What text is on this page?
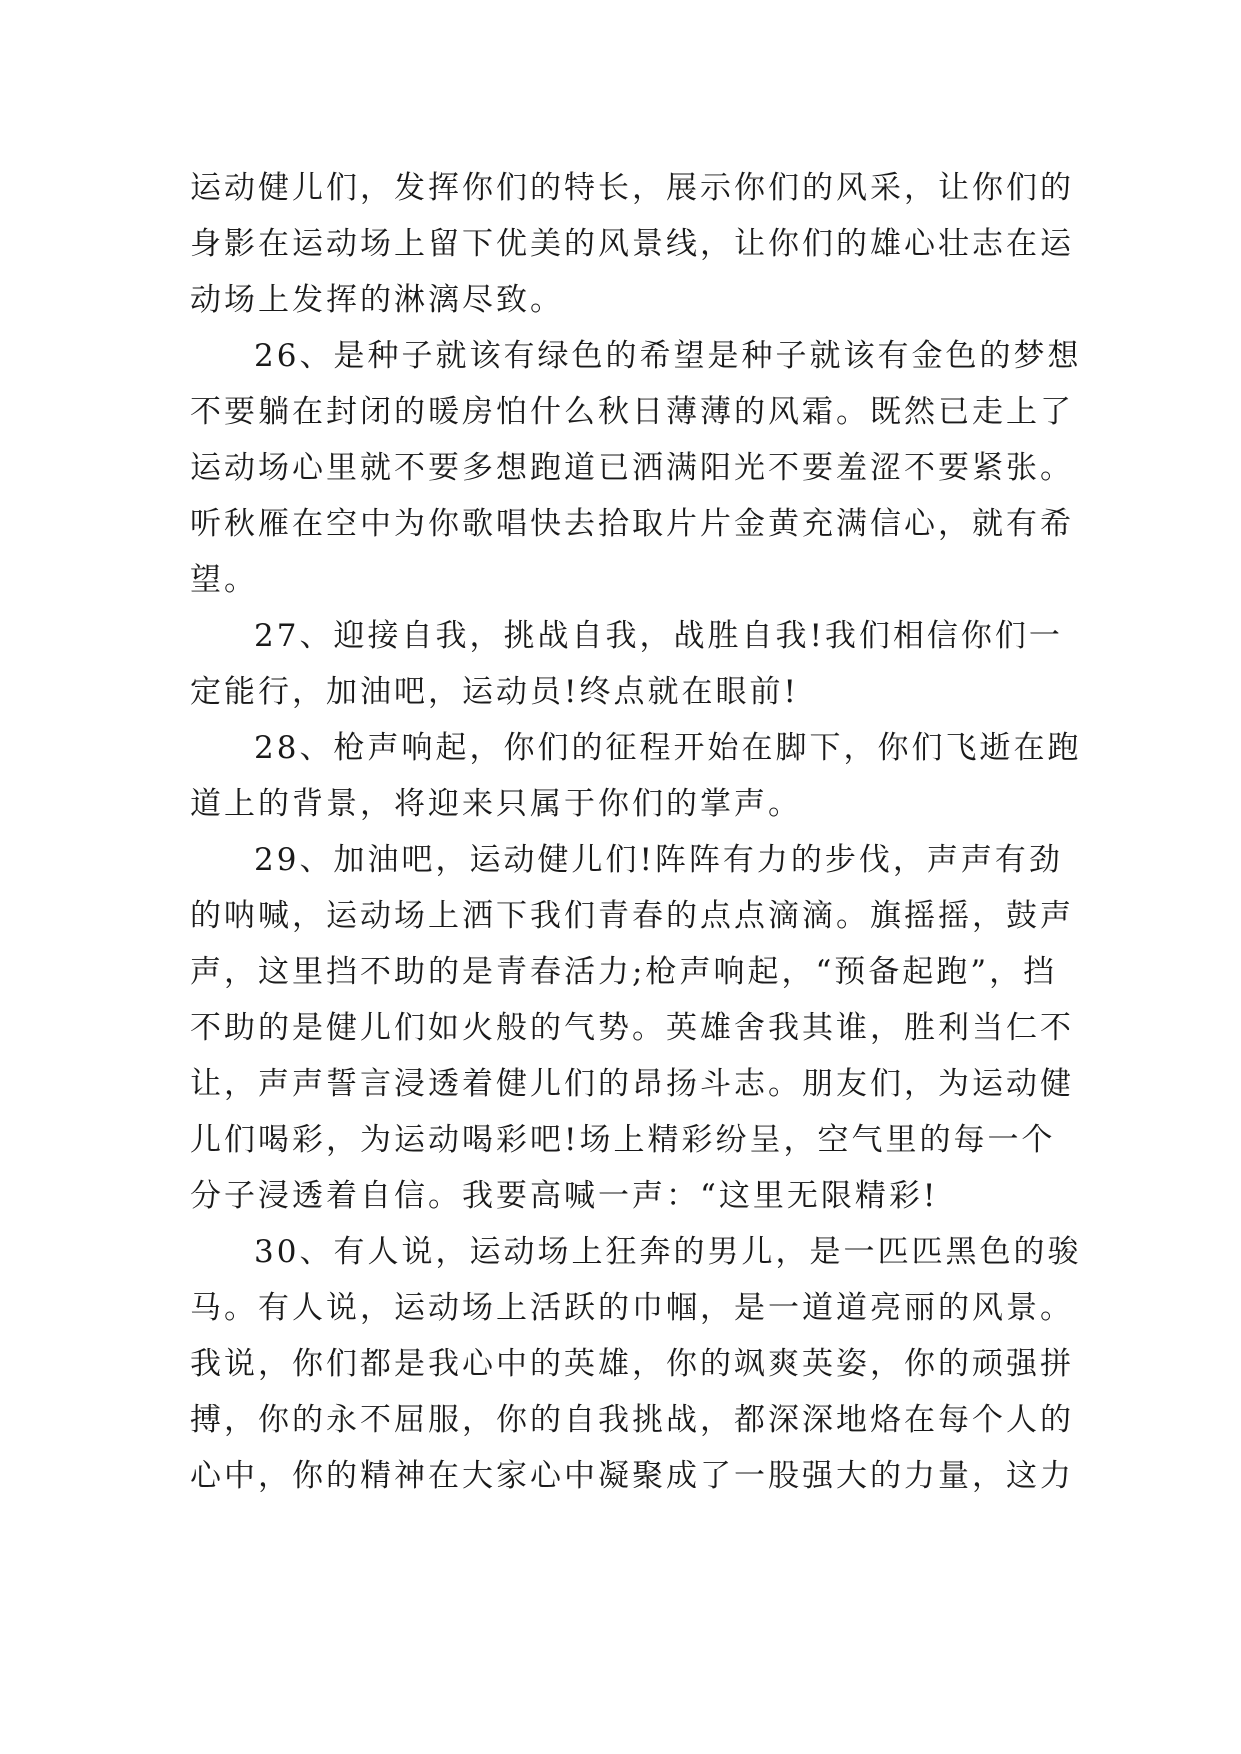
运动健儿们，发挥你们的特长，展示你们的风采，让你们的
身影在运动场上留下优美的风景线，让你们的雄心壮志在运
动场上发挥的淋漓尽致。
26、是种子就该有绿色的希望是种子就该有金色的梦想
不要躺在封闭的暖房怕什么秋日薄薄的风霜。既然已走上了
运动场心里就不要多想跑道已洒满阳光不要羞涩不要紧张。
听秋雁在空中为你歌唱快去拾取片片金黄充满信心，就有希
望。
27、迎接自我，挑战自我，战胜自我!我们相信你们一
定能行，加油吧，运动员!终点就在眼前!
28、枪声响起，你们的征程开始在脚下，你们飞逝在跑
道上的背景，将迎来只属于你们的掌声。
29、加油吧，运动健儿们!阵阵有力的步伐，声声有劲
的呐喊，运动场上洒下我们青春的点点滴滴。旗摇摇，鼓声
声，这里挡不助的是青春活力;枪声响起，“预备起跑”，挡
不助的是健儿们如火般的气势。英雄舍我其谁，胜利当仁不
让，声声誓言浸透着健儿们的昂扬斗志。朋友们，为运动健
儿们喝彩，为运动喝彩吧!场上精彩纷呈，空气里的每一个
分子浸透着自信。我要高喊一声：“这里无限精彩!
30、有人说，运动场上狂奔的男儿，是一匹匹黑色的骏
马。有人说，运动场上活跃的巾帼，是一道道亮丽的风景。
我说，你们都是我心中的英雄，你的飒爽英姿，你的顽强拼
搏，你的永不屈服，你的自我挑战，都深深地烙在每个人的
心中，你的精神在大家心中凝聚成了一股强大的力量，这力
